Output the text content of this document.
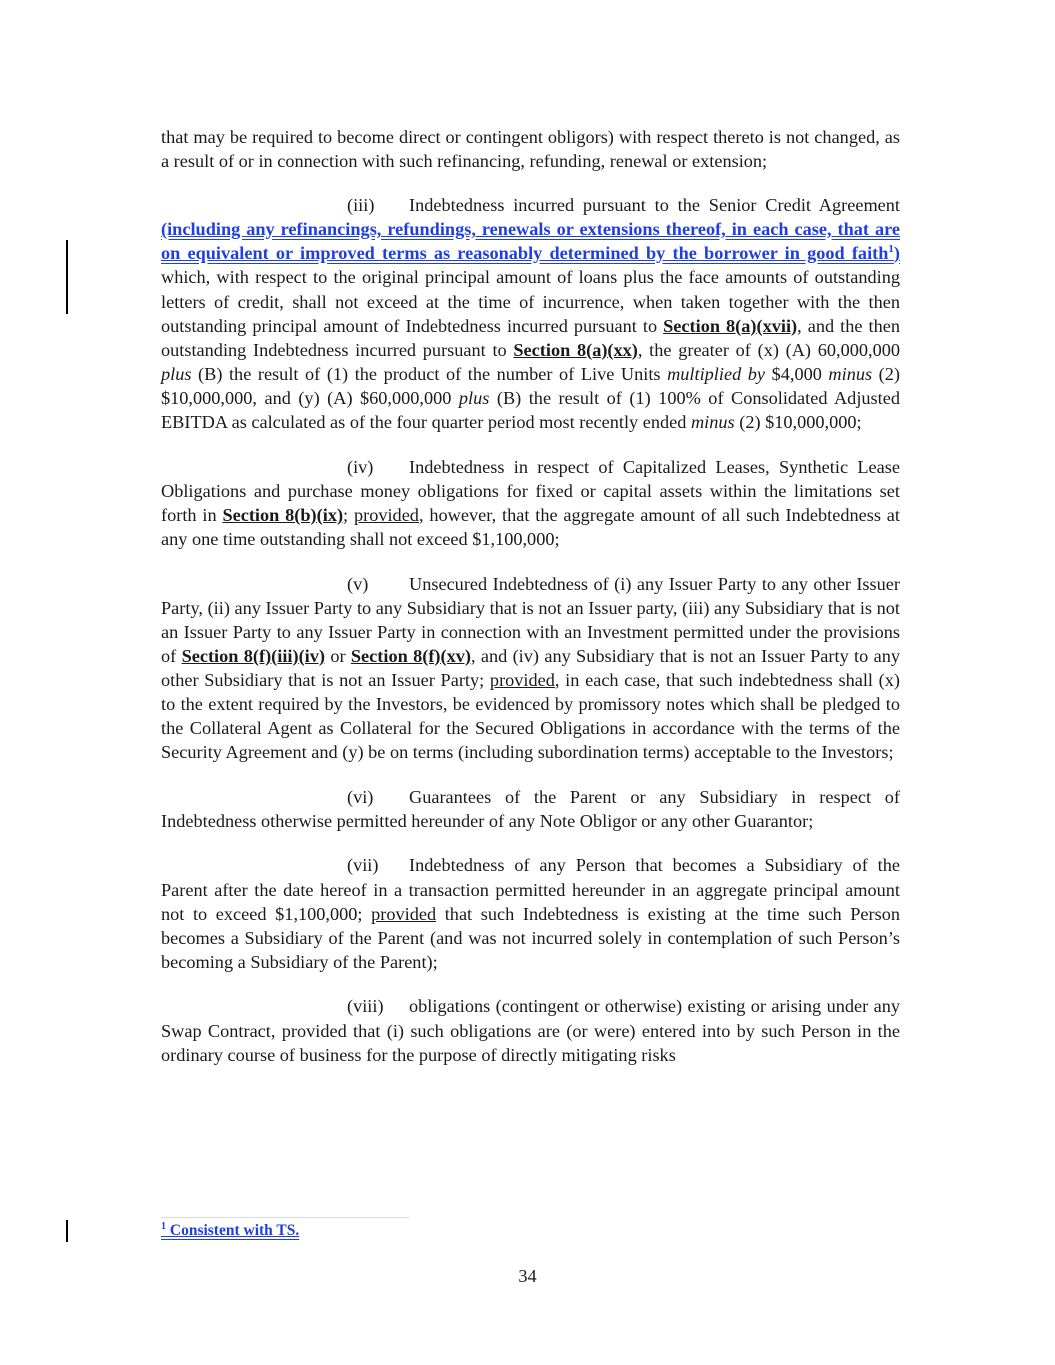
that may be required to become direct or contingent obligors) with respect thereto is not changed, as a result of or in connection with such refinancing, refunding, renewal or extension;

(iii) Indebtedness incurred pursuant to the Senior Credit Agreement (including any refinancings, refundings, renewals or extensions thereof, in each case, that are on equivalent or improved terms as reasonably determined by the borrower in good faith$^1$) which, with respect to the original principal amount of loans plus the face amounts of outstanding letters of credit, shall not exceed at the time of incurrence, when taken together with the then outstanding principal amount of Indebtedness incurred pursuant to Section 8(a)(xvii), and the then outstanding Indebtedness incurred pursuant to Section 8(a)(xx), the greater of (x) (A) 60,000,000 plus (B) the result of (1) the product of the number of Live Units multiplied by $4,000 minus (2) $10,000,000, and (y) (A) $60,000,000 plus (B) the result of (1) 100% of Consolidated Adjusted EBITDA as calculated as of the four quarter period most recently ended minus (2) $10,000,000;

(iv) Indebtedness in respect of Capitalized Leases, Synthetic Lease Obligations and purchase money obligations for fixed or capital assets within the limitations set forth in Section 8(b)(ix); provided, however, that the aggregate amount of all such Indebtedness at any one time outstanding shall not exceed $1,100,000;

(v) Unsecured Indebtedness of (i) any Issuer Party to any other Issuer Party, (ii) any Issuer Party to any Subsidiary that is not an Issuer party, (iii) any Subsidiary that is not an Issuer Party to any Issuer Party in connection with an Investment permitted under the provisions of Section 8(f)(iii)(iv) or Section 8(f)(xv), and (iv) any Subsidiary that is not an Issuer Party to any other Subsidiary that is not an Issuer Party; provided, in each case, that such indebtedness shall (x) to the extent required by the Investors, be evidenced by promissory notes which shall be pledged to the Collateral Agent as Collateral for the Secured Obligations in accordance with the terms of the Security Agreement and (y) be on terms (including subordination terms) acceptable to the Investors;

(vi) Guarantees of the Parent or any Subsidiary in respect of Indebtedness otherwise permitted hereunder of any Note Obligor or any other Guarantor;

(vii) Indebtedness of any Person that becomes a Subsidiary of the Parent after the date hereof in a transaction permitted hereunder in an aggregate principal amount not to exceed $1,100,000; provided that such Indebtedness is existing at the time such Person becomes a Subsidiary of the Parent (and was not incurred solely in contemplation of such Person’s becoming a Subsidiary of the Parent);

(viii) obligations (contingent or otherwise) existing or arising under any Swap Contract, provided that (i) such obligations are (or were) entered into by such Person in the ordinary course of business for the purpose of directly mitigating risks

$^1$ Consistent with TS.
34
